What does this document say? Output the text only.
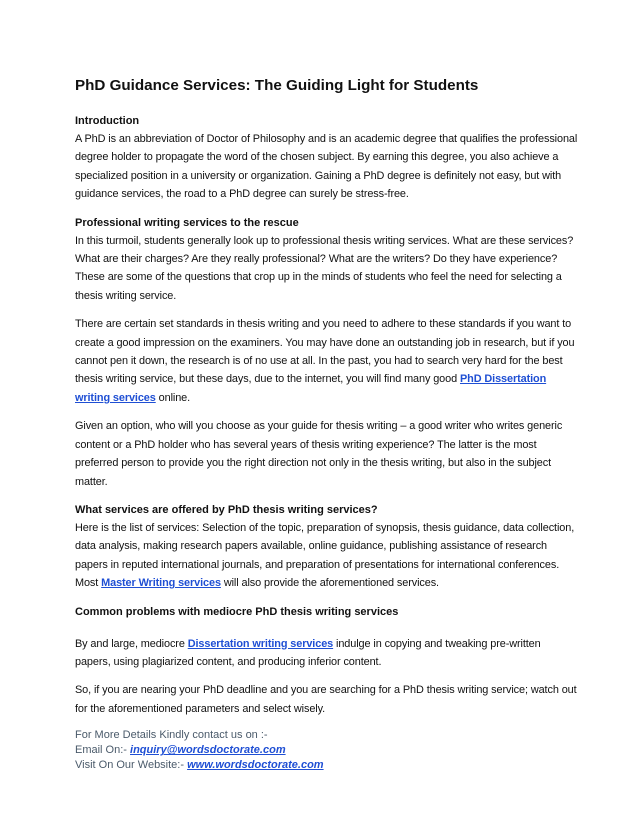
PhD Guidance Services: The Guiding Light for Students
Introduction

A PhD is an abbreviation of Doctor of Philosophy and is an academic degree that qualifies the professional degree holder to propagate the word of the chosen subject. By earning this degree, you also achieve a specialized position in a university or organization. Gaining a PhD degree is definitely not easy, but with guidance services, the road to a PhD degree can surely be stress-free.

Professional writing services to the rescue

In this turmoil, students generally look up to professional thesis writing services. What are these services? What are their charges? Are they really professional? What are the writers? Do they have experience? These are some of the questions that crop up in the minds of students who feel the need for selecting a thesis writing service.

There are certain set standards in thesis writing and you need to adhere to these standards if you want to create a good impression on the examiners. You may have done an outstanding job in research, but if you cannot pen it down, the research is of no use at all. In the past, you had to search very hard for the best thesis writing service, but these days, due to the internet, you will find many good PhD Dissertation writing services online.

Given an option, who will you choose as your guide for thesis writing – a good writer who writes generic content or a PhD holder who has several years of thesis writing experience? The latter is the most preferred person to provide you the right direction not only in the thesis writing, but also in the subject matter.

What services are offered by PhD thesis writing services?

Here is the list of services: Selection of the topic, preparation of synopsis, thesis guidance, data collection, data analysis, making research papers available, online guidance, publishing assistance of research papers in reputed international journals, and preparation of presentations for international conferences. Most Master Writing services will also provide the aforementioned services.

Common problems with mediocre PhD thesis writing services

By and large, mediocre Dissertation writing services indulge in copying and tweaking pre-written papers, using plagiarized content, and producing inferior content.

So, if you are nearing your PhD deadline and you are searching for a PhD thesis writing service; watch out for the aforementioned parameters and select wisely.

For More Details Kindly contact us on :-
Email On:- inquiry@wordsdoctorate.com
Visit On Our Website:- www.wordsdoctorate.com
